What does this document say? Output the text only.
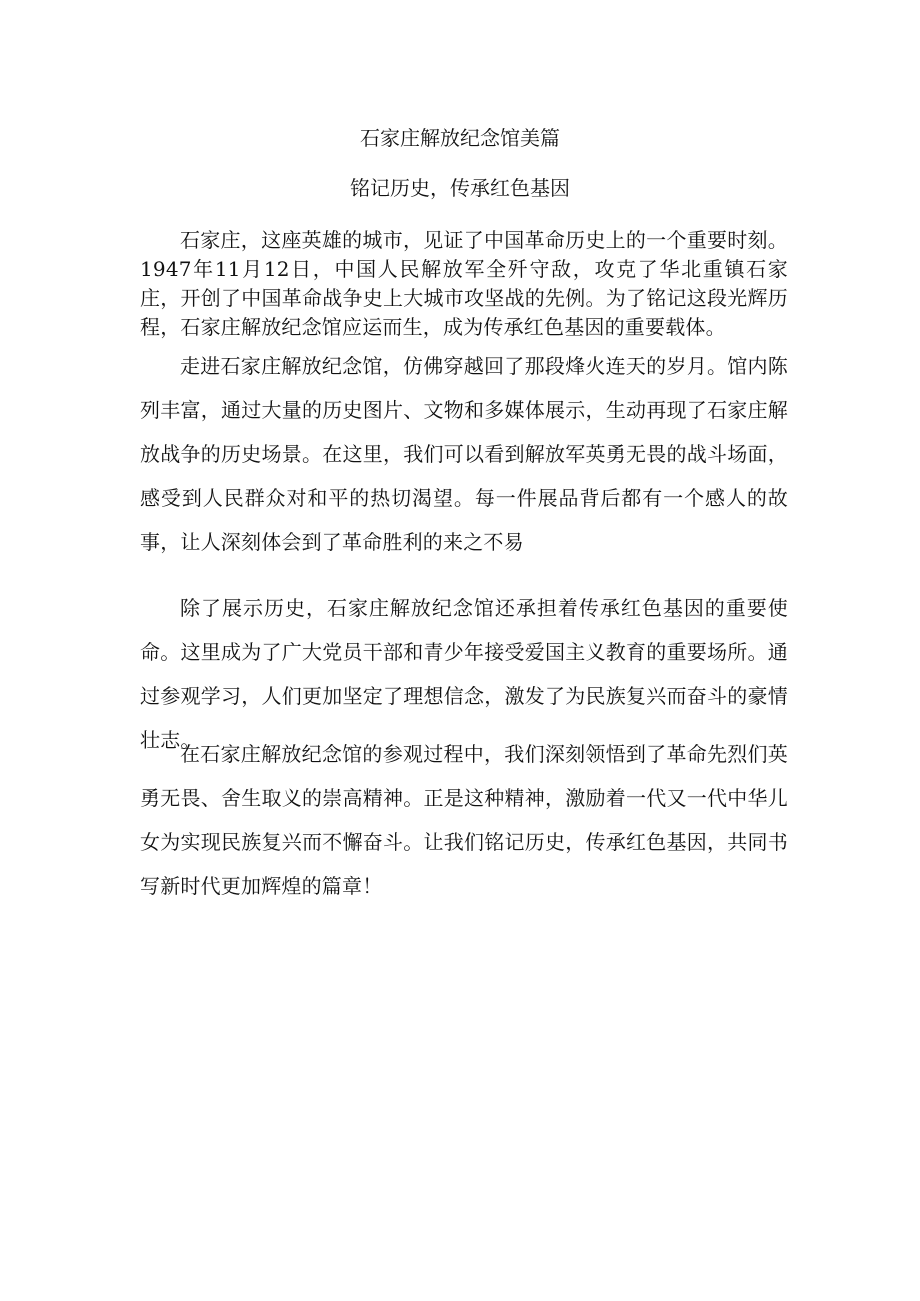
石家庄解放纪念馆美篇
铭记历史，传承红色基因

石家庄，这座英雄的城市，见证了中国革命历史上的一个重要时刻。1947年11月12日，中国人民解放军全歼守敌，攻克了华北重镇石家庄，开创了中国革命战争史上大城市攻坚战的先例。为了铭记这段光辉历程，石家庄解放纪念馆应运而生，成为传承红色基因的重要载体。

走进石家庄解放纪念馆，仿佛穿越回了那段烽火连天的岁月。馆内陈列丰富，通过大量的历史图片、文物和多媒体展示，生动再现了石家庄解放战争的历史场景。在这里，我们可以看到解放军英勇无畏的战斗场面，感受到人民群众对和平的热切渴望。每一件展品背后都有一个感人的故事，让人深刻体会到了革命胜利的来之不易

除了展示历史，石家庄解放纪念馆还承担着传承红色基因的重要使命。这里成为了广大党员干部和青少年接受爱国主义教育的重要场所。通过参观学习，人们更加坚定了理想信念，激发了为民族复兴而奋斗的豪情壮志。

在石家庄解放纪念馆的参观过程中，我们深刻领悟到了革命先烈们英勇无畏、舍生取义的崇高精神。正是这种精神，激励着一代又一代中华儿女为实现民族复兴而不懈奋斗。让我们铭记历史，传承红色基因，共同书写新时代更加辉煌的篇章！
